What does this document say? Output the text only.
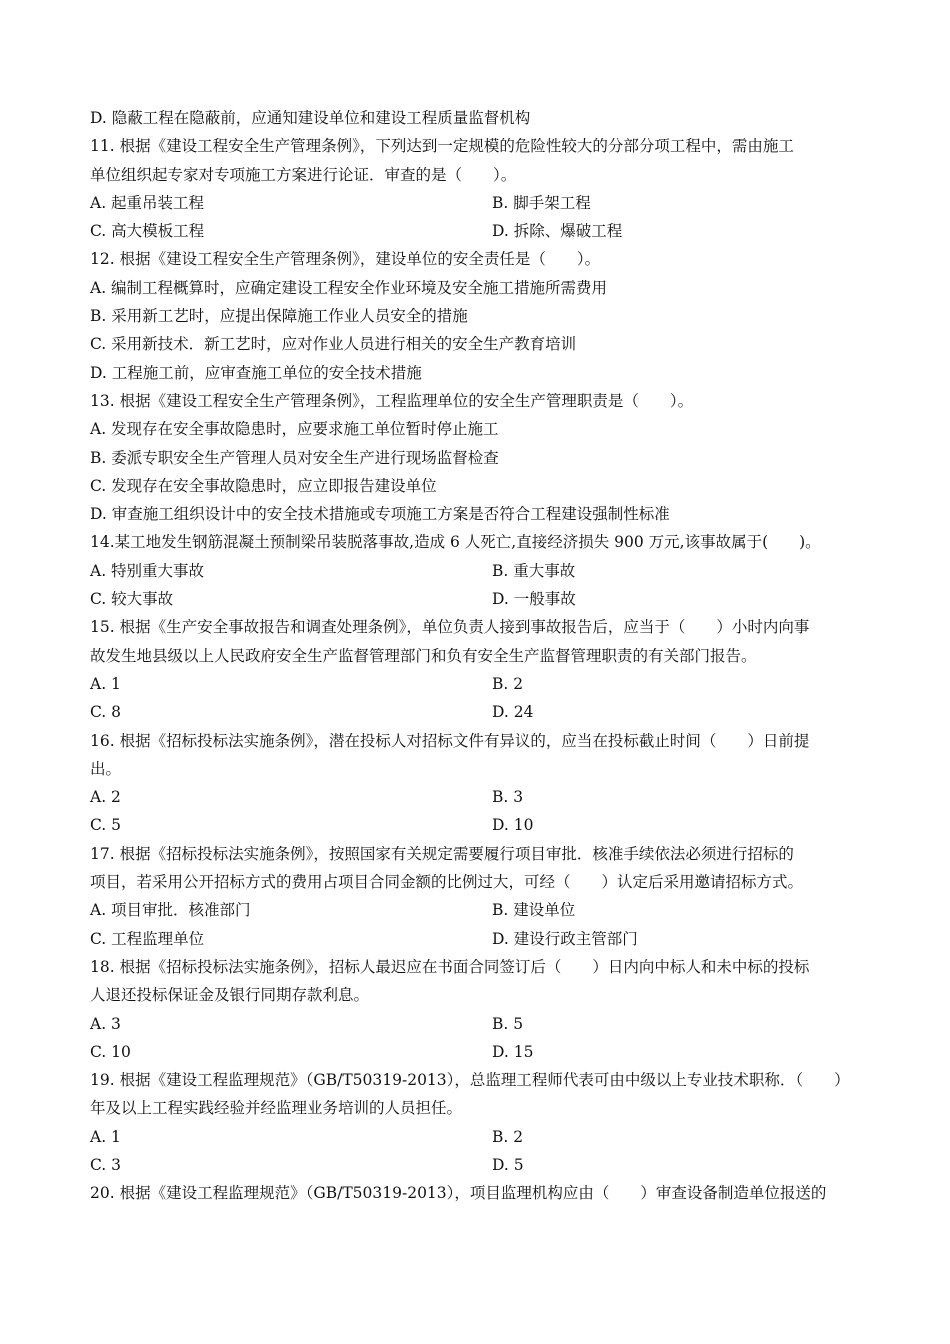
D. 隐蔽工程在隐蔽前，应通知建设单位和建设工程质量监督机构
11. 根据《建设工程安全生产管理条例》，下列达到一定规模的危险性较大的分部分项工程中，需由施工
单位组织起专家对专项施工方案进行论证．审查的是（　　）。
A. 起重吊装工程	B. 脚手架工程
C. 高大模板工程	D. 拆除、爆破工程
12. 根据《建设工程安全生产管理条例》，建设单位的安全责任是（　　）。
A. 编制工程概算时，应确定建设工程安全作业环境及安全施工措施所需费用
B. 采用新工艺时，应提出保障施工作业人员安全的措施
C. 采用新技术．新工艺时，应对作业人员进行相关的安全生产教育培训
D. 工程施工前，应审查施工单位的安全技术措施
13. 根据《建设工程安全生产管理条例》，工程监理单位的安全生产管理职责是（　　）。
A. 发现存在安全事故隐患时，应要求施工单位暂时停止施工
B. 委派专职安全生产管理人员对安全生产进行现场监督检查
C. 发现存在安全事故隐患时，应立即报告建设单位
D. 审查施工组织设计中的安全技术措施或专项施工方案是否符合工程建设强制性标准
14.某工地发生钢筋混凝土预制梁吊装脱落事故,造成 6 人死亡,直接经济损失 900 万元,该事故属于(　　)。
A. 特别重大事故	B. 重大事故
C. 较大事故	D. 一般事故
15. 根据《生产安全事故报告和调查处理条例》，单位负责人接到事故报告后，应当于（　　）小时内向事
故发生地县级以上人民政府安全生产监督管理部门和负有安全生产监督管理职责的有关部门报告。
A. 1	B. 2
C. 8	D. 24
16. 根据《招标投标法实施条例》，潜在投标人对招标文件有异议的，应当在投标截止时间（　　）日前提
出。
A. 2	B. 3
C. 5	D. 10
17. 根据《招标投标法实施条例》，按照国家有关规定需要履行项目审批．核准手续依法必须进行招标的
项目，若采用公开招标方式的费用占项目合同金额的比例过大，可经（　　）认定后采用邀请招标方式。
A. 项目审批．核准部门	B. 建设单位
C. 工程监理单位	D. 建设行政主管部门
18. 根据《招标投标法实施条例》，招标人最迟应在书面合同签订后（　　）日内向中标人和未中标的投标
人退还投标保证金及银行同期存款利息。
A. 3	B. 5
C. 10	D. 15
19. 根据《建设工程监理规范》（GB/T50319-2013），总监理工程师代表可由中级以上专业技术职称．（　　）
年及以上工程实践经验并经监理业务培训的人员担任。
A. 1	B. 2
C. 3	D. 5
20. 根据《建设工程监理规范》（GB/T50319-2013），项目监理机构应由（　　）审查设备制造单位报送的
